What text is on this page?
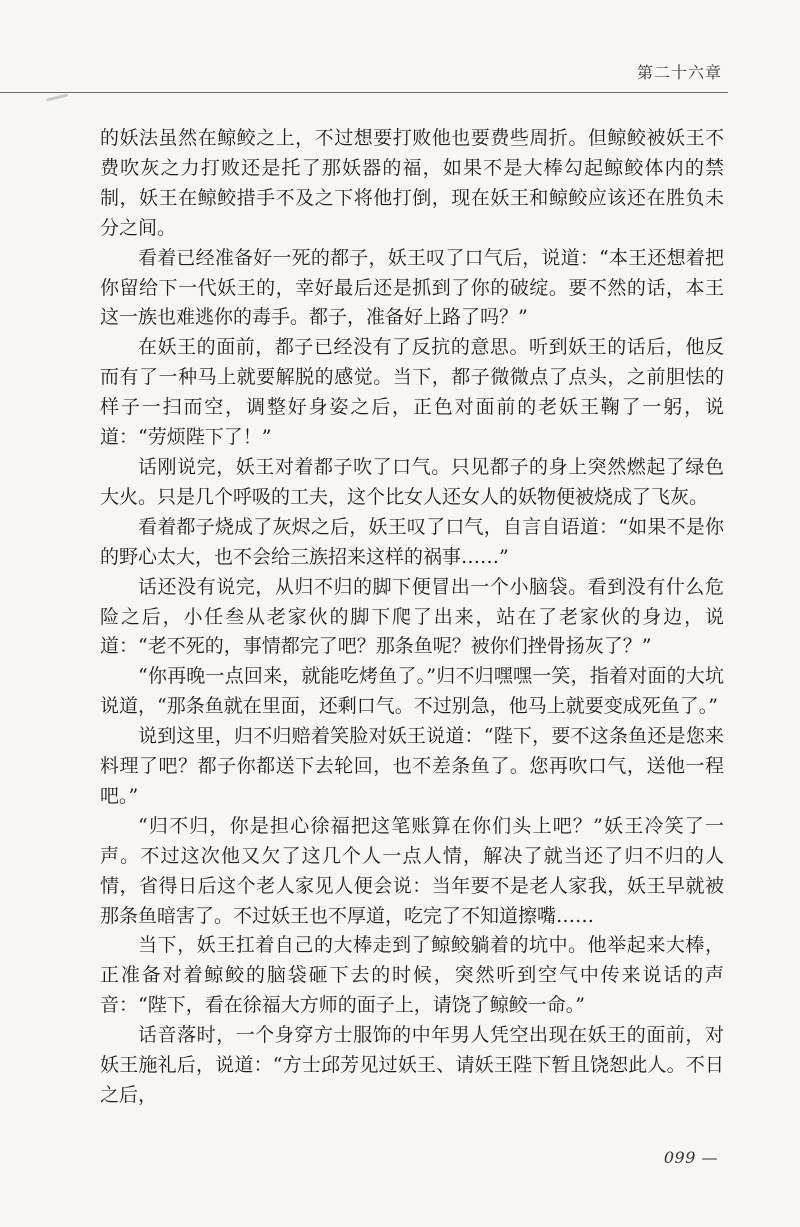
第二十六章

的妖法虽然在鲸鲛之上，不过想要打败他也要费些周折。但鲸鲛被妖王不费吹灰之力打败还是托了那妖器的福，如果不是大棒勾起鲸鲛体内的禁制，妖王在鲸鲛措手不及之下将他打倒，现在妖王和鲸鲛应该还在胜负未分之间。

看着已经准备好一死的都子，妖王叹了口气后，说道：“本王还想着把你留给下一代妖王的，幸好最后还是抓到了你的破绽。要不然的话，本王这一族也难逃你的毒手。都子，准备好上路了吗？”

在妖王的面前，都子已经没有了反抗的意思。听到妖王的话后，他反而有了一种马上就要解脱的感觉。当下，都子微微点了点头，之前胆怯的样子一扫而空，调整好身姿之后，正色对面前的老妖王鞠了一躬，说道：“劳烦陛下了！”

话刚说完，妖王对着都子吹了口气。只见都子的身上突然燃起了绿色大火。只是几个呼吸的工夫，这个比女人还女人的妖物便被烧成了飞灰。

看着都子烧成了灰烬之后，妖王叹了口气，自言自语道：“如果不是你的野心太大，也不会给三族招来这样的祸事……”

话还没有说完，从归不归的脚下便冒出一个小脑袋。看到没有什么危险之后，小任叁从老家伙的脚下爬了出来，站在了老家伙的身边，说道：“老不死的，事情都完了吧？那条鱼呢？被你们挫骨扬灰了？”

“你再晚一点回来，就能吃烤鱼了。”归不归嘿嘿一笑，指着对面的大坑说道，“那条鱼就在里面，还剩口气。不过别急，他马上就要变成死鱼了。”

说到这里，归不归赔着笑脸对妖王说道：“陛下，要不这条鱼还是您来料理了吧？都子你都送下去轮回，也不差条鱼了。您再吹口气，送他一程吧。”

“归不归，你是担心徐福把这笔账算在你们头上吧？”妖王冷笑了一声。不过这次他又欠了这几个人一点人情，解决了就当还了归不归的人情，省得日后这个老人家见人便会说：当年要不是老人家我，妖王早就被那条鱼暗害了。不过妖王也不厚道，吃完了不知道擦嘴……

当下，妖王扛着自己的大棒走到了鲸鲛躺着的坑中。他举起来大棒，正准备对着鲸鲛的脑袋砸下去的时候，突然听到空气中传来说话的声音：“陛下，看在徐福大方师的面子上，请饶了鲸鲛一命。”

话音落时，一个身穿方士服饰的中年男人凭空出现在妖王的面前，对妖王施礼后，说道：“方士邱芳见过妖王、请妖王陛下暂且饶恕此人。不日之后，

099 —
